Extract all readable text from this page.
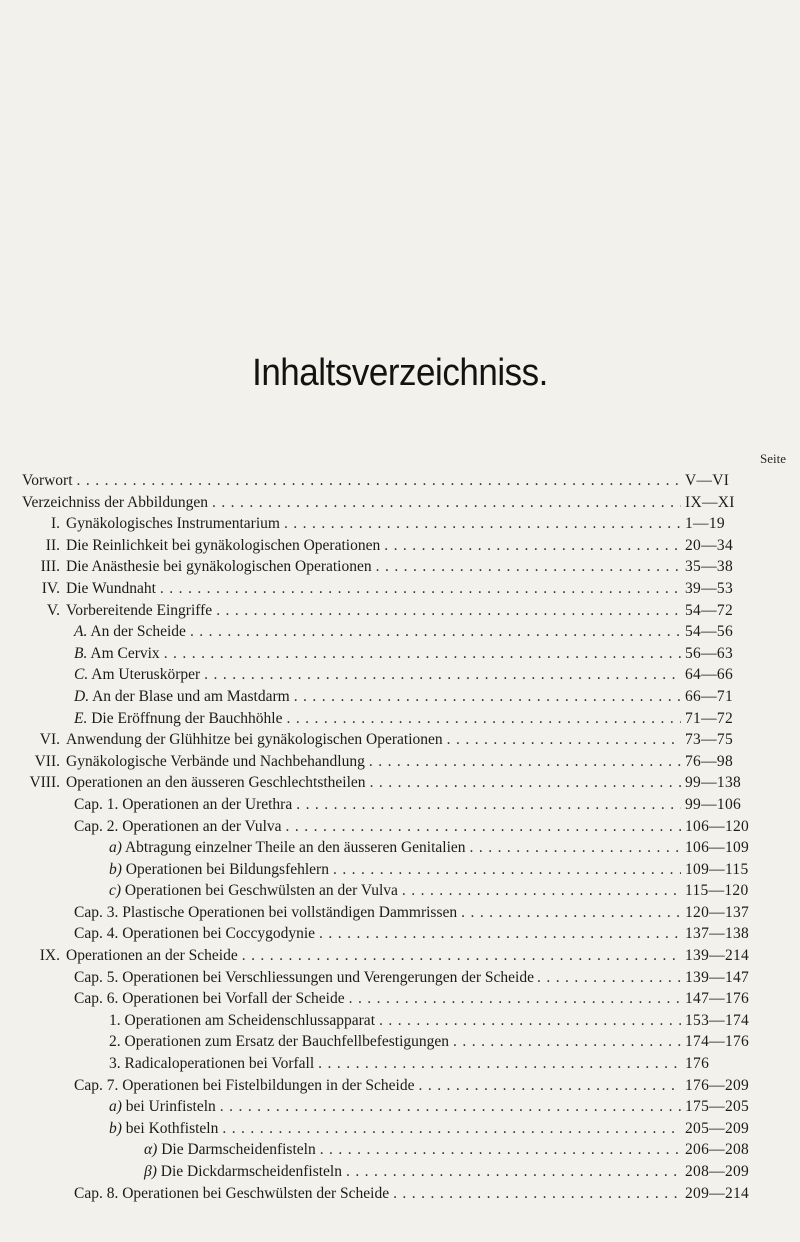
Inhaltsverzeichniss.
Seite
Vorwort . . .	V—VI
Verzeichniss der Abbildungen . . .	IX—XI
I. Gynäkologisches Instrumentarium . . .	1—19
II. Die Reinlichkeit bei gynäkologischen Operationen . . .	20—34
III. Die Anästhesie bei gynäkologischen Operationen . . .	35—38
IV. Die Wundnaht . . .	39—53
V. Vorbereitende Eingriffe . . .	54—72
A. An der Scheide . . .	54—56
B. Am Cervix . . .	56—63
C. Am Uteruskörper . . .	64—66
D. An der Blase und am Mastdarm . . .	66—71
E. Die Eröffnung der Bauchhöhle . . .	71—72
VI. Anwendung der Glühhitze bei gynäkologischen Operationen . . .	73—75
VII. Gynäkologische Verbände und Nachbehandlung . . .	76—98
VIII. Operationen an den äusseren Geschlechtstheilen . . .	99—138
Cap. 1. Operationen an der Urethra . . .	99—106
Cap. 2. Operationen an der Vulva . . .	106—120
a) Abtragung einzelner Theile an den äusseren Genitalien . . .	106—109
b) Operationen bei Bildungsfehlern . . .	109—115
c) Operationen bei Geschwülsten an der Vulva . . .	115—120
Cap. 3. Plastische Operationen bei vollständigen Dammrissen . . .	120—137
Cap. 4. Operationen bei Coccygodynie . . .	137—138
IX. Operationen an der Scheide . . .	139—214
Cap. 5. Operationen bei Verschliessungen und Verengerungen der Scheide . . .	139—147
Cap. 6. Operationen bei Vorfall der Scheide . . .	147—176
1. Operationen am Scheidenschlussapparat . . .	153—174
2. Operationen zum Ersatz der Bauchfellbefestigungen . . .	174—176
3. Radicaloperationen bei Vorfall . . .	176
Cap. 7. Operationen bei Fistelbildungen in der Scheide . . .	176—209
a) bei Urinfisteln . . .	175—205
b) bei Kothfisteln . . .	205—209
α) Die Darmscheidenfisteln . . .	206—208
β) Die Dickdarmscheidenfisteln . . .	208—209
Cap. 8. Operationen bei Geschwülsten der Scheide . . .	209—214
